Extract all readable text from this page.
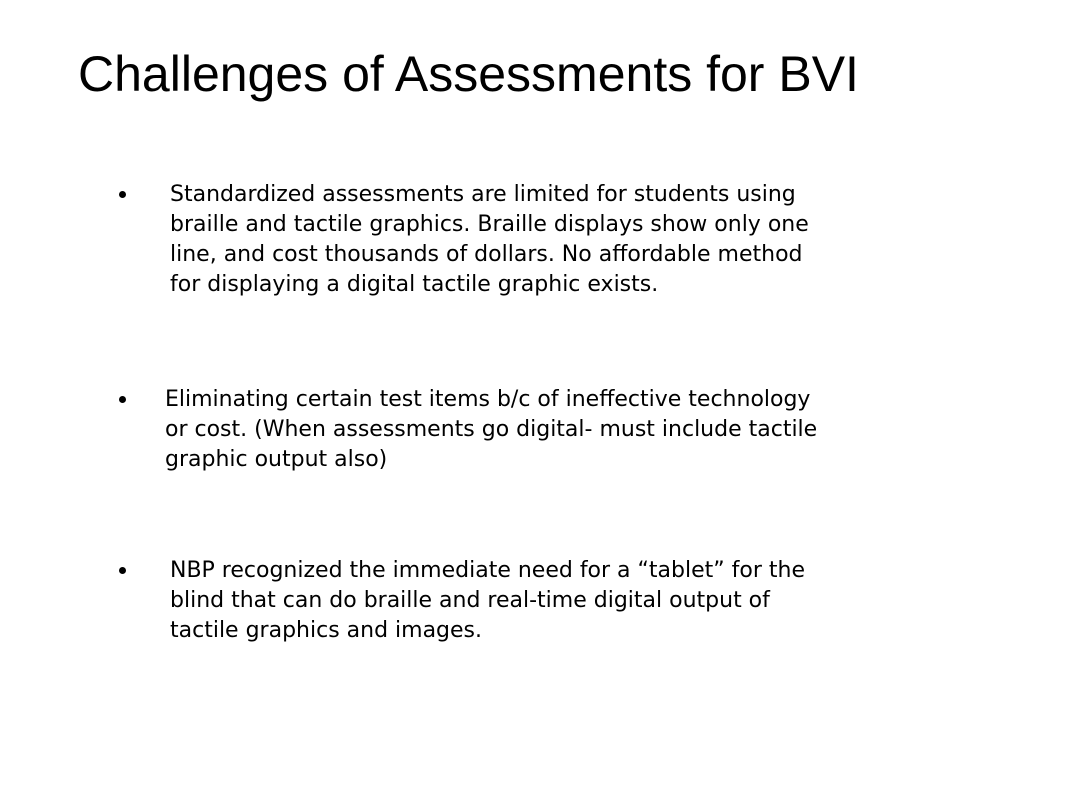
Challenges of Assessments for BVI

Standardized assessments are limited for students using
braille and tactile graphics. Braille displays show only one
line, and cost thousands of dollars. No affordable method
for displaying a digital tactile graphic exists.

Eliminating certain test items b/c of ineffective technology
or cost. (When assessments go digital- must include tactile
graphic output also)

NBP recognized the immediate need for a “tablet” for the
blind that can do braille and real-time digital output of
tactile graphics and images.
